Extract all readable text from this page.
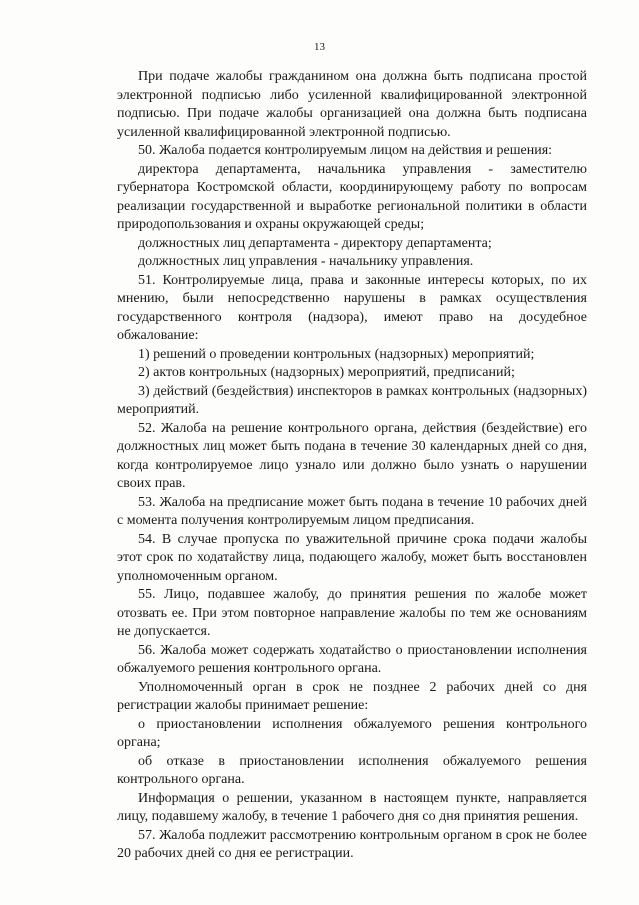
13

При подаче жалобы гражданином она должна быть подписана простой электронной подписью либо усиленной квалифицированной электронной подписью. При подаче жалобы организацией она должна быть подписана усиленной квалифицированной электронной подписью.

50. Жалоба подается контролируемым лицом на действия и решения:

директора департамента, начальника управления - заместителю губернатора Костромской области, координирующему работу по вопросам реализации государственной и выработке региональной политики в области природопользования и охраны окружающей среды;

должностных лиц департамента - директору департамента;

должностных лиц управления - начальнику управления.

51. Контролируемые лица, права и законные интересы которых, по их мнению, были непосредственно нарушены в рамках осуществления государственного контроля (надзора), имеют право на досудебное обжалование:

1) решений о проведении контрольных (надзорных) мероприятий;

2) актов контрольных (надзорных) мероприятий, предписаний;

3) действий (бездействия) инспекторов в рамках контрольных (надзорных) мероприятий.

52. Жалоба на решение контрольного органа, действия (бездействие) его должностных лиц может быть подана в течение 30 календарных дней со дня, когда контролируемое лицо узнало или должно было узнать о нарушении своих прав.

53. Жалоба на предписание может быть подана в течение 10 рабочих дней с момента получения контролируемым лицом предписания.

54. В случае пропуска по уважительной причине срока подачи жалобы этот срок по ходатайству лица, подающего жалобу, может быть восстановлен уполномоченным органом.

55. Лицо, подавшее жалобу, до принятия решения по жалобе может отозвать ее. При этом повторное направление жалобы по тем же основаниям не допускается.

56. Жалоба может содержать ходатайство о приостановлении исполнения обжалуемого решения контрольного органа.

Уполномоченный орган в срок не позднее 2 рабочих дней со дня регистрации жалобы принимает решение:

о приостановлении исполнения обжалуемого решения контрольного органа;

об отказе в приостановлении исполнения обжалуемого решения контрольного органа.

Информация о решении, указанном в настоящем пункте, направляется лицу, подавшему жалобу, в течение 1 рабочего дня со дня принятия решения.

57. Жалоба подлежит рассмотрению контрольным органом в срок не более 20 рабочих дней со дня ее регистрации.
